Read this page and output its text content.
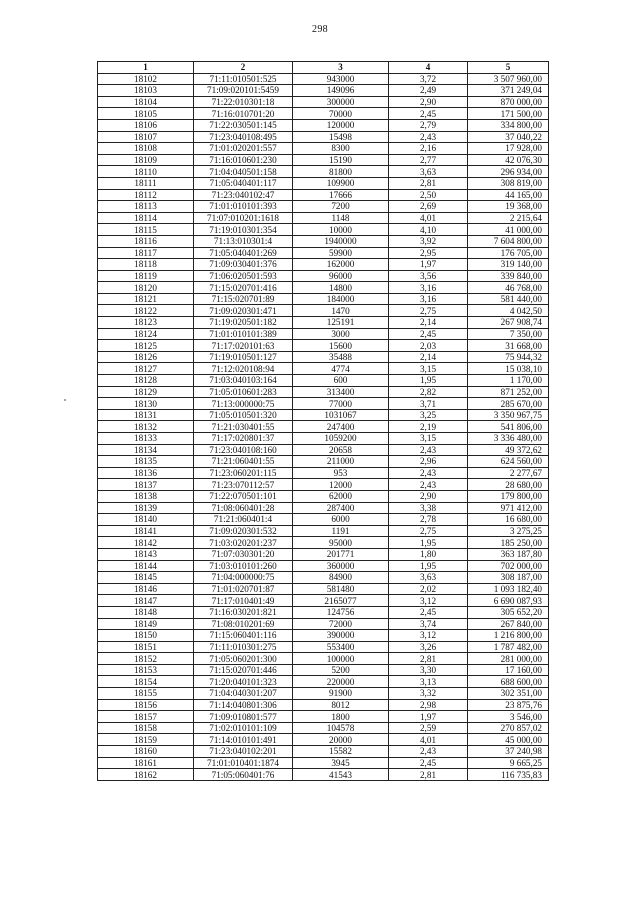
298
1	2	3	4	5
18102	71:11:010501:525	943000	3,72	3 507 960,00
18103	71:09:020101:5459	149096	2,49	371 249,04
18104	71:22:010301:18	300000	2,90	870 000,00
18105	71:16:010701:20	70000	2,45	171 500,00
18106	71:22:030501:145	120000	2,79	334 800,00
18107	71:23:040108:495	15498	2,43	37 040,22
18108	71:01:020201:557	8300	2,16	17 928,00
18109	71:16:010601:230	15190	2,77	42 076,30
18110	71:04:040501:158	81800	3,63	296 934,00
18111	71:05:040401:117	109900	2,81	308 819,00
18112	71:23:040102:47	17666	2,50	44 165,00
18113	71:01:010101:393	7200	2,69	19 368,00
18114	71:07:010201:1618	1148	4,01	2 215,64
18115	71:19:010301:354	10000	4,10	41 000,00
18116	71:13:010301:4	1940000	3,92	7 604 800,00
18117	71:05:040401:269	59900	2,95	176 705,00
18118	71:09:030401:376	162000	1,97	319 140,00
18119	71:06:020501:593	96000	3,56	339 840,00
18120	71:15:020701:416	14800	3,16	46 768,00
18121	71:15:020701:89	184000	3,16	581 440,00
18122	71:09:020301:471	1470	2,75	4 042,50
18123	71:19:020501:182	125191	2,14	267 908,74
18124	71:01:010101:389	3000	2,45	7 350,00
18125	71:17:020101:63	15600	2,03	31 668,00
18126	71:19:010501:127	35488	2,14	75 944,32
18127	71:12:020108:94	4774	3,15	15 038,10
18128	71:03:040103:164	600	1,95	1 170,00
18129	71:05:010601:283	313400	2,82	871 252,00
18130	71:13:000000:75	77000	3,71	285 670,00
18131	71:05:010501:320	1031067	3,25	3 350 967,75
18132	71:21:030401:55	247400	2,19	541 806,00
18133	71:17:020801:37	1059200	3,15	3 336 480,00
18134	71:23:040108:160	20658	2,43	49 372,62
18135	71:21:060401:55	211000	2,96	624 560,00
18136	71:23:060201:115	953	2,43	2 277,67
18137	71:23:070112:57	12000	2,43	28 680,00
18138	71:22:070501:101	62000	2,90	179 800,00
18139	71:08:060401:28	287400	3,38	971 412,00
18140	71:21:060401:4	6000	2,78	16 680,00
18141	71:09:020301:532	1191	2,75	3 275,25
18142	71:03:020201:237	95000	1,95	185 250,00
18143	71:07:030301:20	201771	1,80	363 187,80
18144	71:03:010101:260	360000	1,95	702 000,00
18145	71:04:000000:75	84900	3,63	308 187,00
18146	71:01:020701:87	581480	2,02	1 093 182,40
18147	71:17:010401:49	2165077	3,12	6 690 087,93
18148	71:16:030201:821	124756	2,45	305 652,20
18149	71:08:010201:69	72000	3,74	267 840,00
18150	71:15:060401:116	390000	3,12	1 216 800,00
18151	71:11:010301:275	553400	3,26	1 787 482,00
18152	71:05:060201:300	100000	2,81	281 000,00
18153	71:15:020701:446	5200	3,30	17 160,00
18154	71:20:040101:323	220000	3,13	688 600,00
18155	71:04:040301:207	91900	3,32	302 351,00
18156	71:14:040801:306	8012	2,98	23 875,76
18157	71:09:010801:577	1800	1,97	3 546,00
18158	71:02:010101:109	104578	2,59	270 857,02
18159	71:14:010101:491	20000	4,01	45 000,00
18160	71:23:040102:201	15582	2,43	37 240,98
18161	71:01:010401:1874	3945	2,45	9 665,25
18162	71:05:060401:76	41543	2,81	116 735,83
